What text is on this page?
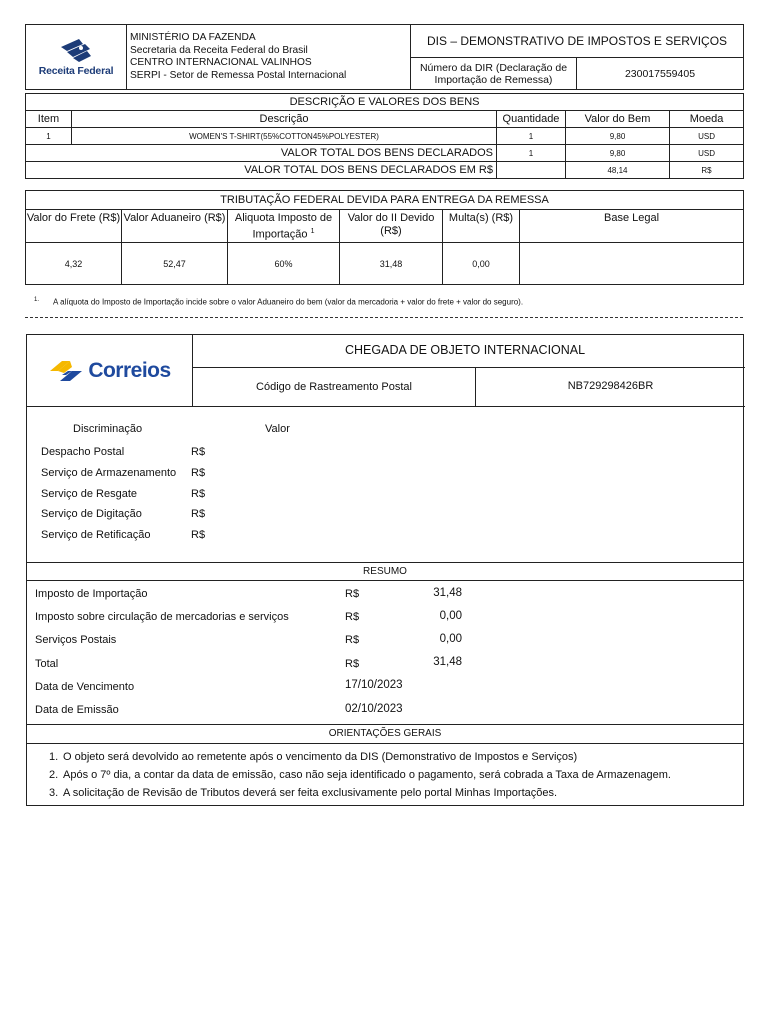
Receita Federal	MINISTÉRIO DA FAZENDA
Secretaria da Receita Federal do Brasil
CENTRO INTERNACIONAL VALINHOS
SERPI - Setor de Remessa Postal Internacional	DIS – DEMONSTRATIVO DE IMPOSTOS E SERVIÇOS	
		Número da DIR (Declaração de Importação de Remessa)	230017559405
DESCRIÇÃO E VALORES DOS BENS				
Item	Descrição	Quantidade	Valor do Bem	Moeda
1	WOMEN'S T-SHIRT(55%COTTON45%POLYESTER)	1	9,80	USD
VALOR TOTAL DOS BENS DECLARADOS		1	9,80	USD
VALOR TOTAL DOS BENS DECLARADOS EM R$			48,14	R$
TRIBUTAÇÃO FEDERAL DEVIDA PARA ENTREGA DA REMESSA					
Valor do Frete (R$)	Valor Aduaneiro (R$)	Aliquota Imposto de Importação $^1$	Valor do II Devido (R$)	Multa(s) (R$)	Base Legal
4,32	52,47	60%	31,48	0,00	
$^{1.}$ A alíquota do Imposto de Importação incide sobre o valor Aduaneiro do bem (valor da mercadoria + valor do frete + valor do seguro).
Correios
CHEGADA DE OBJETO INTERNACIONAL
Código de Rastreamento Postal	NB729298426BR
Discriminação	Valor
Despacho Postal	R$
Serviço de Armazenamento R$
Serviço de Resgate	R$
Serviço de Digitação	R$
Serviço de Retificação	R$
RESUMO
Imposto de Importação	R$	31,48
Imposto sobre circulação de mercadorias e serviços	R$	0,00
Serviços Postais	R$	0,00
Total	R$	31,48
Data de Vencimento	17/10/2023
Data de Emissão	02/10/2023
ORIENTAÇÕES GERAIS
1. O objeto será devolvido ao remetente após o vencimento da DIS (Demonstrativo de Impostos e Serviços)
2. Após o 7º dia, a contar da data de emissão, caso não seja identificado o pagamento, será cobrada a Taxa de Armazenagem.
3. A solicitação de Revisão de Tributos deverá ser feita exclusivamente pelo portal Minhas Importações.
